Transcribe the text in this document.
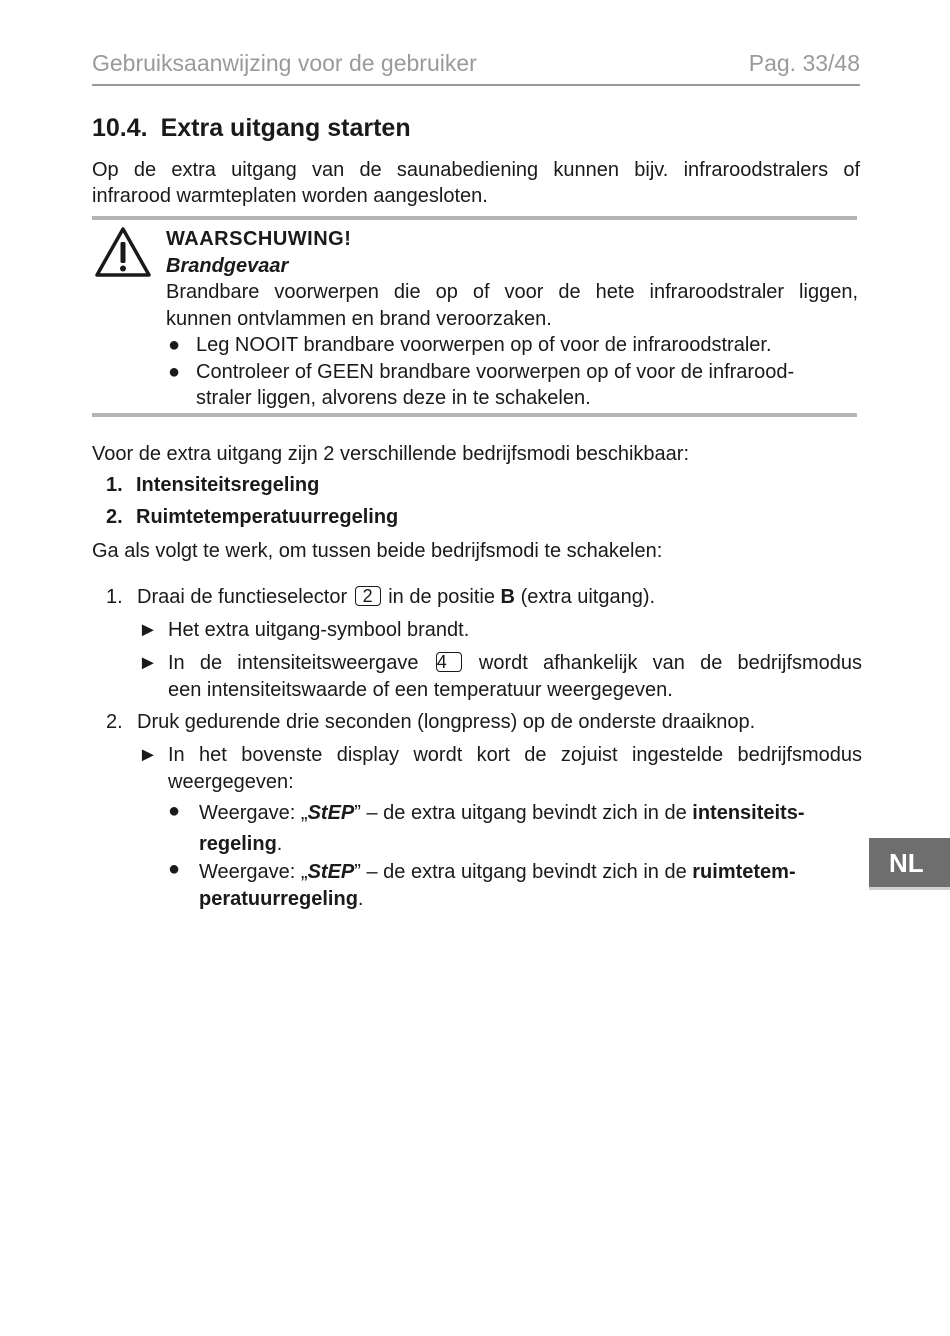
Gebruiksaanwijzing voor de gebruiker	Pag. 33/48
10.4. Extra uitgang starten
Op de extra uitgang van de saunabediening kunnen bijv. infraroodstralers of
infrarood warmteplaten worden aangesloten.
WAARSCHUWING!
Brandgevaar
Brandbare voorwerpen die op of voor de hete infraroodstraler liggen,
kunnen ontvlammen en brand veroorzaken.
● Leg NOOIT brandbare voorwerpen op of voor de infraroodstraler.
● Controleer of GEEN brandbare voorwerpen op of voor de infrarood-
straler liggen, alvorens deze in te schakelen.
Voor de extra uitgang zijn 2 verschillende bedrijfsmodi beschikbaar:
1. Intensiteitsregeling
2. Ruimtetemperatuurregeling
Ga als volgt te werk, om tussen beide bedrijfsmodi te schakelen:
1. Draai de functieselector 2 in de positie B (extra uitgang).
► Het extra uitgang-symbool brandt.
► In de intensiteitsweergave 4 wordt afhankelijk van de bedrijfsmodus
een intensiteitswaarde of een temperatuur weergegeven.
2. Druk gedurende drie seconden (longpress) op de onderste draaiknop.
► In het bovenste display wordt kort de zojuist ingestelde bedrijfsmodus
weergegeven:
● Weergave: „StEP” – de extra uitgang bevindt zich in de intensiteits-
regeling.
● Weergave: „StEP” – de extra uitgang bevindt zich in de ruimtetem-
peratuurregeling.
NL
